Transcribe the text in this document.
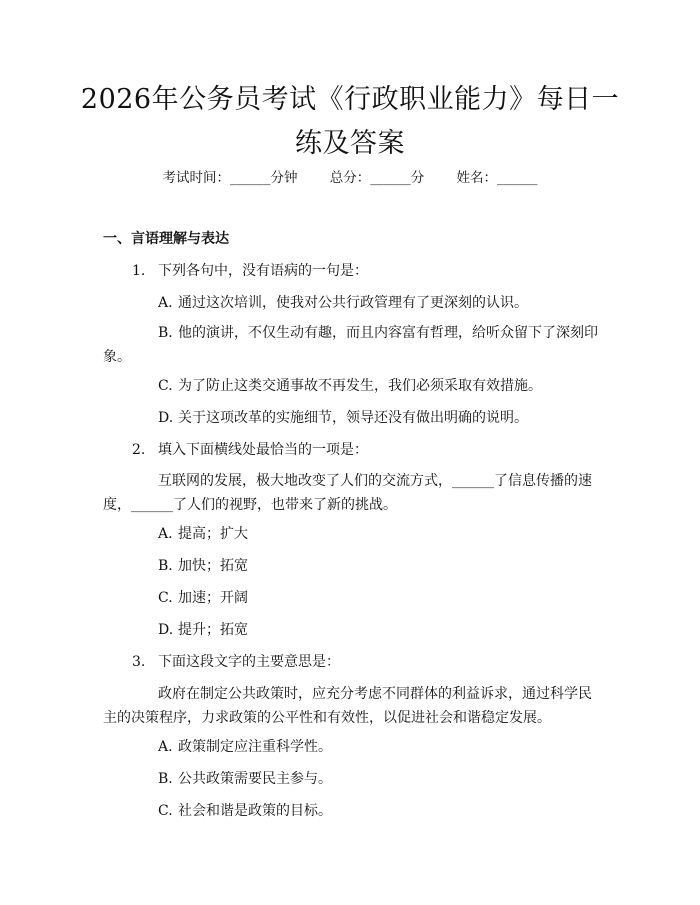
2026年公务员考试《行政职业能力》每日一练及答案
考试时间：______分钟 总分：______分 姓名：______
一、言语理解与表达
1. 下列各句中，没有语病的一句是：
A. 通过这次培训，使我对公共行政管理有了更深刻的认识。
B. 他的演讲，不仅生动有趣，而且内容富有哲理，给听众留下了深刻印象。
C. 为了防止这类交通事故不再发生，我们必须采取有效措施。
D. 关于这项改革的实施细节，领导还没有做出明确的说明。
2. 填入下面横线处最恰当的一项是：
互联网的发展，极大地改变了人们的交流方式，______了信息传播的速度，______了人们的视野，也带来了新的挑战。
A. 提高；扩大
B. 加快；拓宽
C. 加速；开阔
D. 提升；拓宽
3. 下面这段文字的主要意思是：
政府在制定公共政策时，应充分考虑不同群体的利益诉求，通过科学民主的决策程序，力求政策的公平性和有效性，以促进社会和谐稳定发展。
A. 政策制定应注重科学性。
B. 公共政策需要民主参与。
C. 社会和谐是政策的目标。
